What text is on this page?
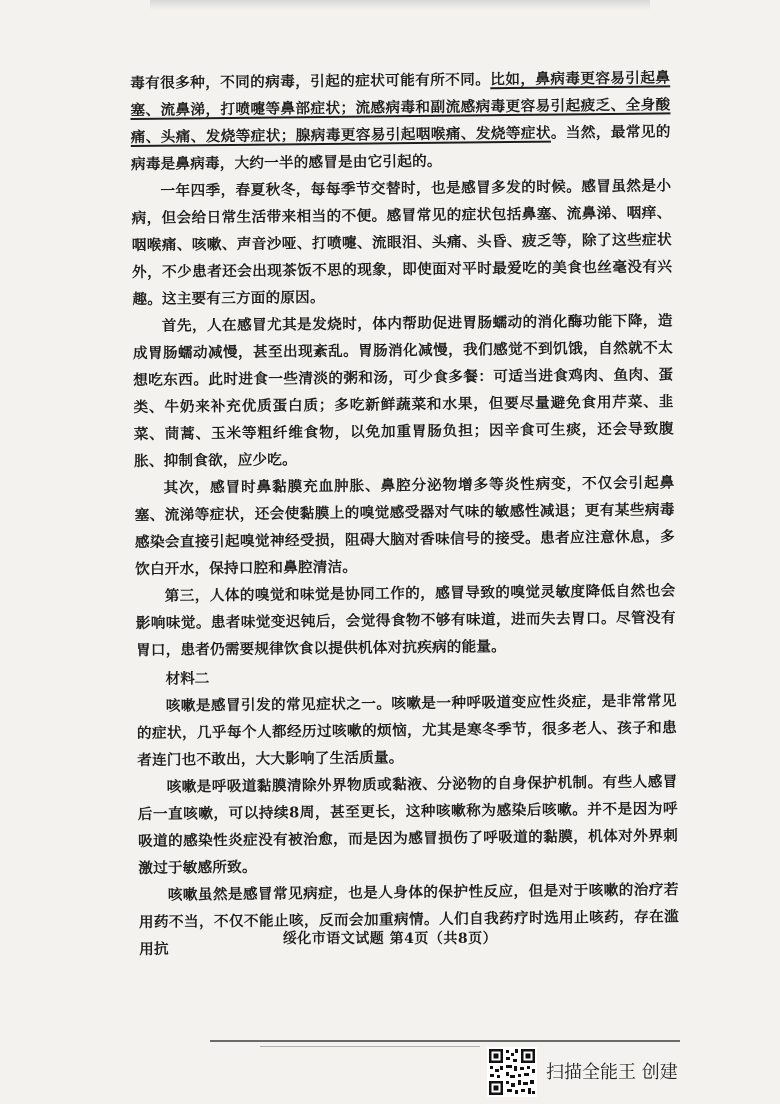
毒有很多种，不同的病毒，引起的症状可能有所不同。比如，鼻病毒更容易引起鼻塞、流鼻涕，打喷嚏等鼻部症状；流感病毒和副流感病毒更容易引起疲乏、全身酸痛、头痛、发烧等症状；腺病毒更容易引起咽喉痛、发烧等症状。当然，最常见的病毒是鼻病毒，大约一半的感冒是由它引起的。

一年四季，春夏秋冬，每每季节交替时，也是感冒多发的时候。感冒虽然是小病，但会给日常生活带来相当的不便。感冒常见的症状包括鼻塞、流鼻涕、咽痒、咽喉痛、咳嗽、声音沙哑、打喷嚏、流眼泪、头痛、头昏、疲乏等，除了这些症状外，不少患者还会出现茶饭不思的现象，即使面对平时最爱吃的美食也丝毫没有兴趣。这主要有三方面的原因。

首先，人在感冒尤其是发烧时，体内帮助促进胃肠蠕动的消化酶功能下降，造成胃肠蠕动减慢，甚至出现紊乱。胃肠消化减慢，我们感觉不到饥饿，自然就不太想吃东西。此时进食一些清淡的粥和汤，可少食多餐：可适当进食鸡肉、鱼肉、蛋类、牛奶来补充优质蛋白质；多吃新鲜蔬菜和水果，但要尽量避免食用芹菜、韭菜、茼蒿、玉米等粗纤维食物，以免加重胃肠负担；因辛食可生痰，还会导致腹胀、抑制食欲，应少吃。

其次，感冒时鼻黏膜充血肿胀、鼻腔分泌物增多等炎性病变，不仅会引起鼻塞、流涕等症状，还会使黏膜上的嗅觉感受器对气味的敏感性减退；更有某些病毒感染会直接引起嗅觉神经受损，阻碍大脑对香味信号的接受。患者应注意休息，多饮白开水，保持口腔和鼻腔清洁。

第三，人体的嗅觉和味觉是协同工作的，感冒导致的嗅觉灵敏度降低自然也会影响味觉。患者味觉变迟钝后，会觉得食物不够有味道，进而失去胃口。尽管没有胃口，患者仍需要规律饮食以提供机体对抗疾病的能量。

材料二

咳嗽是感冒引发的常见症状之一。咳嗽是一种呼吸道变应性炎症，是非常常见的症状，几乎每个人都经历过咳嗽的烦恼，尤其是寒冬季节，很多老人、孩子和患者连门也不敢出，大大影响了生活质量。

咳嗽是呼吸道黏膜清除外界物质或黏液、分泌物的自身保护机制。有些人感冒后一直咳嗽，可以持续8周，甚至更长，这种咳嗽称为感染后咳嗽。并不是因为呼吸道的感染性炎症没有被治愈，而是因为感冒损伤了呼吸道的黏膜，机体对外界刺激过于敏感所致。

咳嗽虽然是感冒常见病症，也是人身体的保护性反应，但是对于咳嗽的治疗若用药不当，不仅不能止咳，反而会加重病情。人们自我药疗时选用止咳药，存在滥用抗

绥化市语文试题 第4页（共8页）
扫描全能王 创建
